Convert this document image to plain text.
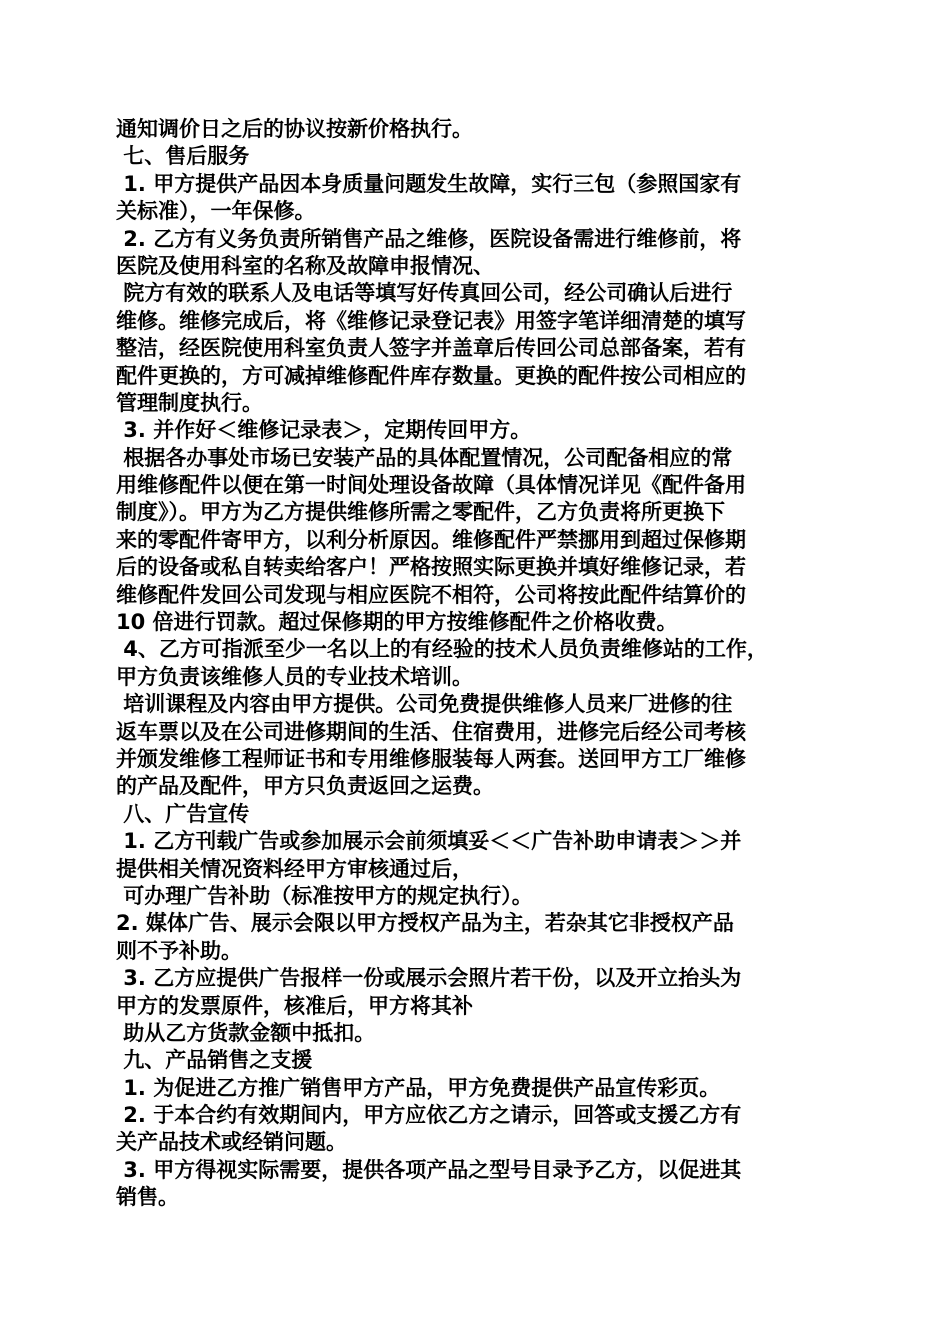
通知调价日之后的协议按新价格执行。
七、售后服务
1. 甲方提供产品因本身质量问题发生故障，实行三包（参照国家有
关标准），一年保修。
2. 乙方有义务负责所销售产品之维修，医院设备需进行维修前，将
医院及使用科室的名称及故障申报情况、
院方有效的联系人及电话等填写好传真回公司，经公司确认后进行
维修。维修完成后，将《维修记录登记表》用签字笔详细清楚的填写
整洁，经医院使用科室负责人签字并盖章后传回公司总部备案，若有
配件更换的，方可减掉维修配件库存数量。更换的配件按公司相应的
管理制度执行。
3. 并作好＜维修记录表＞，定期传回甲方。
根据各办事处市场已安装产品的具体配置情况，公司配备相应的常
用维修配件以便在第一时间处理设备故障（具体情况详见《配件备用
制度》）。甲方为乙方提供维修所需之零配件，乙方负责将所更换下
来的零配件寄甲方，以利分析原因。维修配件严禁挪用到超过保修期
后的设备或私自转卖给客户！严格按照实际更换并填好维修记录，若
维修配件发回公司发现与相应医院不相符，公司将按此配件结算价的
10 倍进行罚款。超过保修期的甲方按维修配件之价格收费。
4、乙方可指派至少一名以上的有经验的技术人员负责维修站的工作，
甲方负责该维修人员的专业技术培训。
培训课程及内容由甲方提供。公司免费提供维修人员来厂进修的往
返车票以及在公司进修期间的生活、住宿费用，进修完后经公司考核
并颁发维修工程师证书和专用维修服装每人两套。送回甲方工厂维修
的产品及配件，甲方只负责返回之运费。
八、广告宣传
1. 乙方刊载广告或参加展示会前须填妥＜＜广告补助申请表＞＞并
提供相关情况资料经甲方审核通过后，
可办理广告补助（标准按甲方的规定执行）。
2. 媒体广告、展示会限以甲方授权产品为主，若杂其它非授权产品
则不予补助。
3. 乙方应提供广告报样一份或展示会照片若干份，以及开立抬头为
甲方的发票原件，核准后，甲方将其补
助从乙方货款金额中抵扣。
九、产品销售之支援
1. 为促进乙方推广销售甲方产品，甲方免费提供产品宣传彩页。
2. 于本合约有效期间内，甲方应依乙方之请示，回答或支援乙方有
关产品技术或经销问题。
3. 甲方得视实际需要，提供各项产品之型号目录予乙方，以促进其
销售。
